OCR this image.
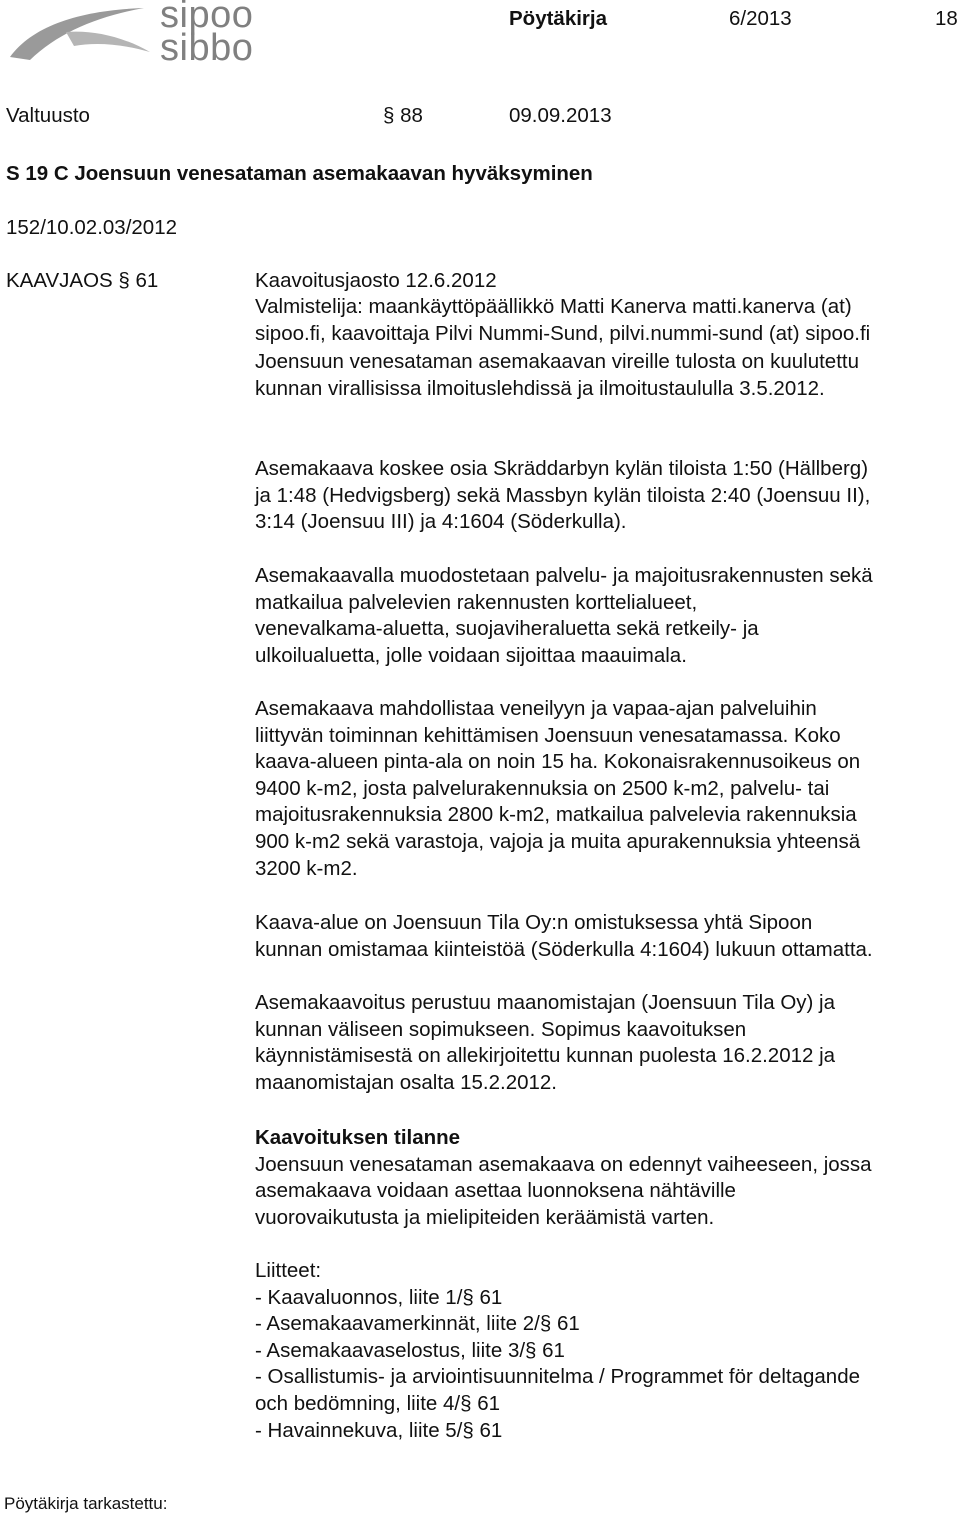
sipoo
sibbo
Pöytäkirja	6/2013	18
Valtuusto	§ 88	09.09.2013
S 19 C Joensuun venesataman asemakaavan hyväksyminen
152/10.02.03/2012
KAAVJAOS § 61	Kaavoitusjaosto 12.6.2012

Valmistelija: maankäyttöpäällikkö Matti Kanerva matti.kanerva (at)

sipoo.fi, kaavoittaja Pilvi Nummi-Sund, pilvi.nummi-sund (at) sipoo.fi

Joensuun venesataman asemakaavan vireille tulosta on kuulutettu

kunnan virallisissa ilmoituslehdissä ja ilmoitustaululla 3.5.2012.

Asemakaava koskee osia Skräddarbyn kylän tiloista 1:50 (Hällberg)

ja 1:48 (Hedvigsberg) sekä Massbyn kylän tiloista 2:40 (Joensuu II),

3:14 (Joensuu III) ja 4:1604 (Söderkulla).

Asemakaavalla muodostetaan palvelu- ja majoitusrakennusten sekä

matkailua palvelevien rakennusten korttelialueet,

venevalkama-aluetta, suojaviheraluetta sekä retkeily- ja

ulkoilualuetta, jolle voidaan sijoittaa maauimala.

Asemakaava mahdollistaa veneilyyn ja vapaa-ajan palveluihin

liittyvän toiminnan kehittämisen Joensuun venesatamassa. Koko

kaava-alueen pinta-ala on noin 15 ha. Kokonaisrakennusoikeus on

9400 k-m2, josta palvelurakennuksia on 2500 k-m2, palvelu- tai

majoitusrakennuksia 2800 k-m2, matkailua palvelevia rakennuksia

900 k-m2 sekä varastoja, vajoja ja muita apurakennuksia yhteensä

3200 k-m2.

Kaava-alue on Joensuun Tila Oy:n omistuksessa yhtä Sipoon

kunnan omistamaa kiinteistöä (Söderkulla 4:1604) lukuun ottamatta.

Asemakaavoitus perustuu maanomistajan (Joensuun Tila Oy) ja

kunnan väliseen sopimukseen. Sopimus kaavoituksen

käynnistämisestä on allekirjoitettu kunnan puolesta 16.2.2012 ja

maanomistajan osalta 15.2.2012.

Kaavoituksen tilanne

Joensuun venesataman asemakaava on edennyt vaiheeseen, jossa

asemakaava voidaan asettaa luonnoksena nähtäville

vuorovaikutusta ja mielipiteiden keräämistä varten.

Liitteet:

- Kaavaluonnos, liite 1/§ 61

- Asemakaavamerkinnät, liite 2/§ 61

- Asemakaavaselostus, liite 3/§ 61

- Osallistumis- ja arviointisuunnitelma / Programmet för deltagande

och bedömning, liite 4/§ 61

- Havainnekuva, liite 5/§ 61

Pöytäkirja tarkastettu:
